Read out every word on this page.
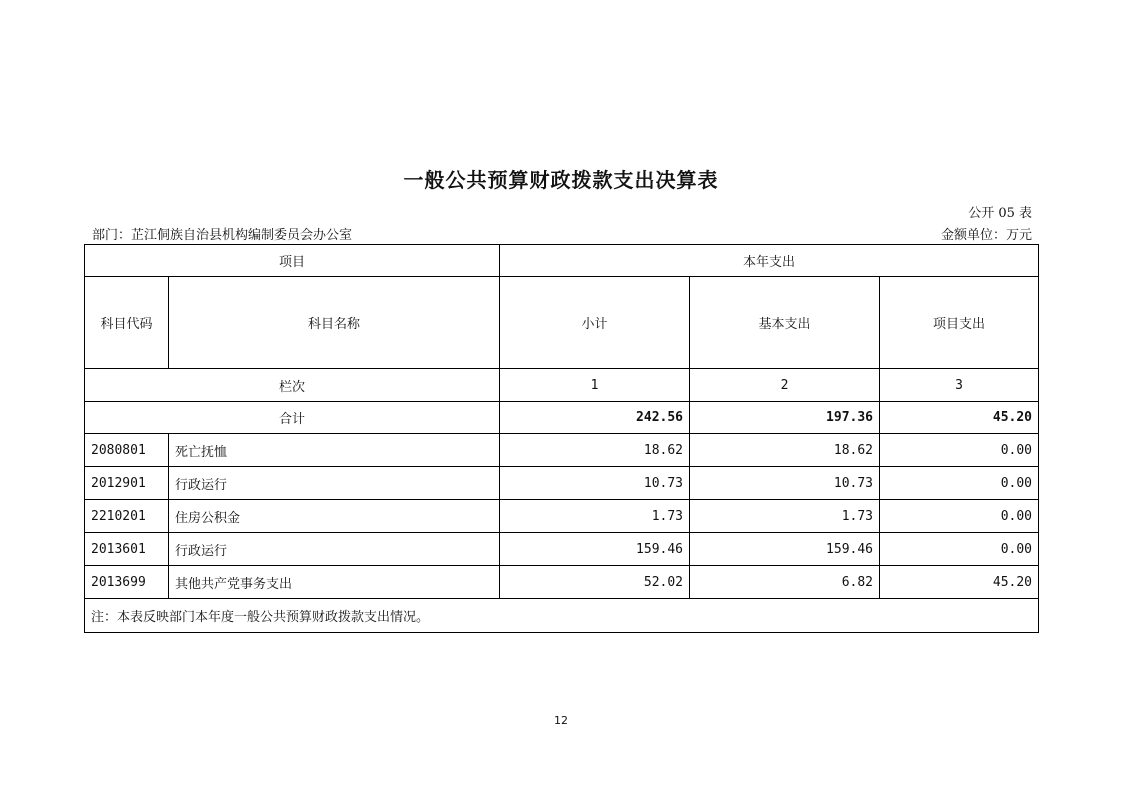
一般公共预算财政拨款支出决算表
公开 05 表
部门：芷江侗族自治县机构编制委员会办公室	金额单位：万元
项目		本年支出		
科目代码	科目名称	小计	基本支出	项目支出
栏次		1	2	3
合计		242.56	197.36	45.20
2080801	死亡抚恤	18.62	18.62	0.00
2012901	行政运行	10.73	10.73	0.00
2210201	住房公积金	1.73	1.73	0.00
2013601	行政运行	159.46	159.46	0.00
2013699	其他共产党事务支出	52.02	6.82	45.20
注：本表反映部门本年度一般公共预算财政拨款支出情况。				
12
